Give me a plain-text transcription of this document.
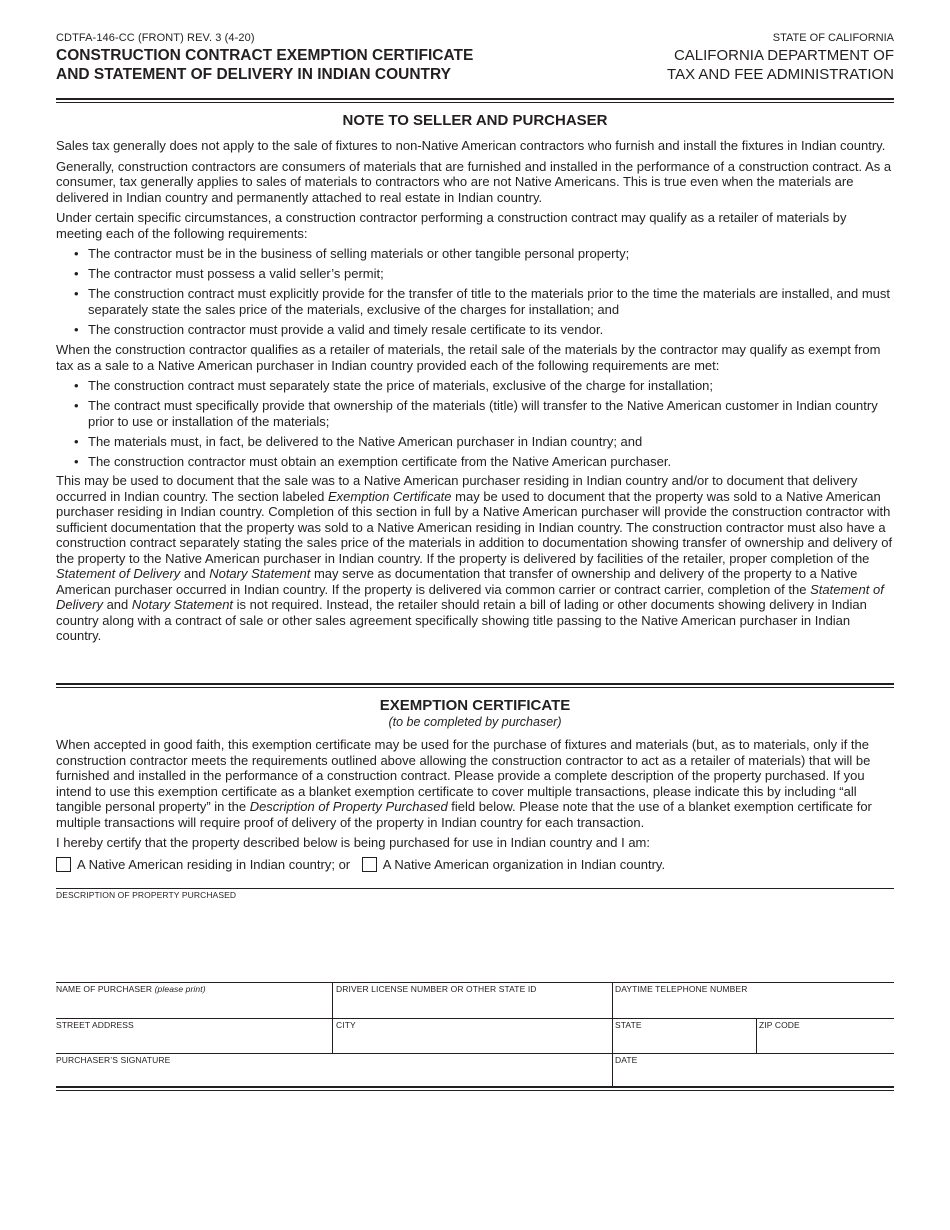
CDTFA-146-CC (FRONT) REV. 3 (4-20)
CONSTRUCTION CONTRACT EXEMPTION CERTIFICATE
AND STATEMENT OF DELIVERY IN INDIAN COUNTRY
STATE OF CALIFORNIA
CALIFORNIA DEPARTMENT OF
TAX AND FEE ADMINISTRATION
NOTE TO SELLER AND PURCHASER

Sales tax generally does not apply to the sale of fixtures to non-Native American contractors who furnish and install the fixtures in Indian country.

Generally, construction contractors are consumers of materials that are furnished and installed in the performance of a construction contract. As a consumer, tax generally applies to sales of materials to contractors who are not Native Americans. This is true even when the materials are delivered in Indian country and permanently attached to real estate in Indian country.

Under certain specific circumstances, a construction contractor performing a construction contract may qualify as a retailer of materials by meeting each of the following requirements:

• The contractor must be in the business of selling materials or other tangible personal property;
• The contractor must possess a valid seller’s permit;
• The construction contract must explicitly provide for the transfer of title to the materials prior to the time the materials are installed, and must separately state the sales price of the materials, exclusive of the charges for installation; and
• The construction contractor must provide a valid and timely resale certificate to its vendor.

When the construction contractor qualifies as a retailer of materials, the retail sale of the materials by the contractor may qualify as exempt from tax as a sale to a Native American purchaser in Indian country provided each of the following requirements are met:

• The construction contract must separately state the price of materials, exclusive of the charge for installation;
• The contract must specifically provide that ownership of the materials (title) will transfer to the Native American customer in Indian country prior to use or installation of the materials;
• The materials must, in fact, be delivered to the Native American purchaser in Indian country; and
• The construction contractor must obtain an exemption certificate from the Native American purchaser.

This may be used to document that the sale was to a Native American purchaser residing in Indian country and/or to document that delivery occurred in Indian country. The section labeled Exemption Certificate may be used to document that the property was sold to a Native American purchaser residing in Indian country. Completion of this section in full by a Native American purchaser will provide the construction contractor with sufficient documentation that the property was sold to a Native American residing in Indian country. The construction contractor must also have a construction contract separately stating the sales price of the materials in addition to documentation showing transfer of ownership and delivery of the property to the Native American purchaser in Indian country. If the property is delivered by facilities of the retailer, proper completion of the Statement of Delivery and Notary Statement may serve as documentation that transfer of ownership and delivery of the property to a Native American purchaser occurred in Indian country. If the property is delivered via common carrier or contract carrier, completion of the Statement of Delivery and Notary Statement is not required. Instead, the retailer should retain a bill of lading or other documents showing delivery in Indian country along with a contract of sale or other sales agreement specifically showing title passing to the Native American purchaser in Indian country.

EXEMPTION CERTIFICATE
(to be completed by purchaser)

When accepted in good faith, this exemption certificate may be used for the purchase of fixtures and materials (but, as to materials, only if the construction contractor meets the requirements outlined above allowing the construction contractor to act as a retailer of materials) that will be furnished and installed in the performance of a construction contract. Please provide a complete description of the property purchased. If you intend to use this exemption certificate as a blanket exemption certificate to cover multiple transactions, please indicate this by including “all tangible personal property” in the Description of Property Purchased field below. Please note that the use of a blanket exemption certificate for multiple transactions will require proof of delivery of the property in Indian country for each transaction.

I hereby certify that the property described below is being purchased for use in Indian country and I am:

A Native American residing in Indian country; or	A Native American organization in Indian country.
DESCRIPTION OF PROPERTY PURCHASED
NAME OF PURCHASER (please print)	DRIVER LICENSE NUMBER OR OTHER STATE ID	DAYTIME TELEPHONE NUMBER
STREET ADDRESS	CITY	STATE	ZIP CODE
PURCHASER’S SIGNATURE	DATE
